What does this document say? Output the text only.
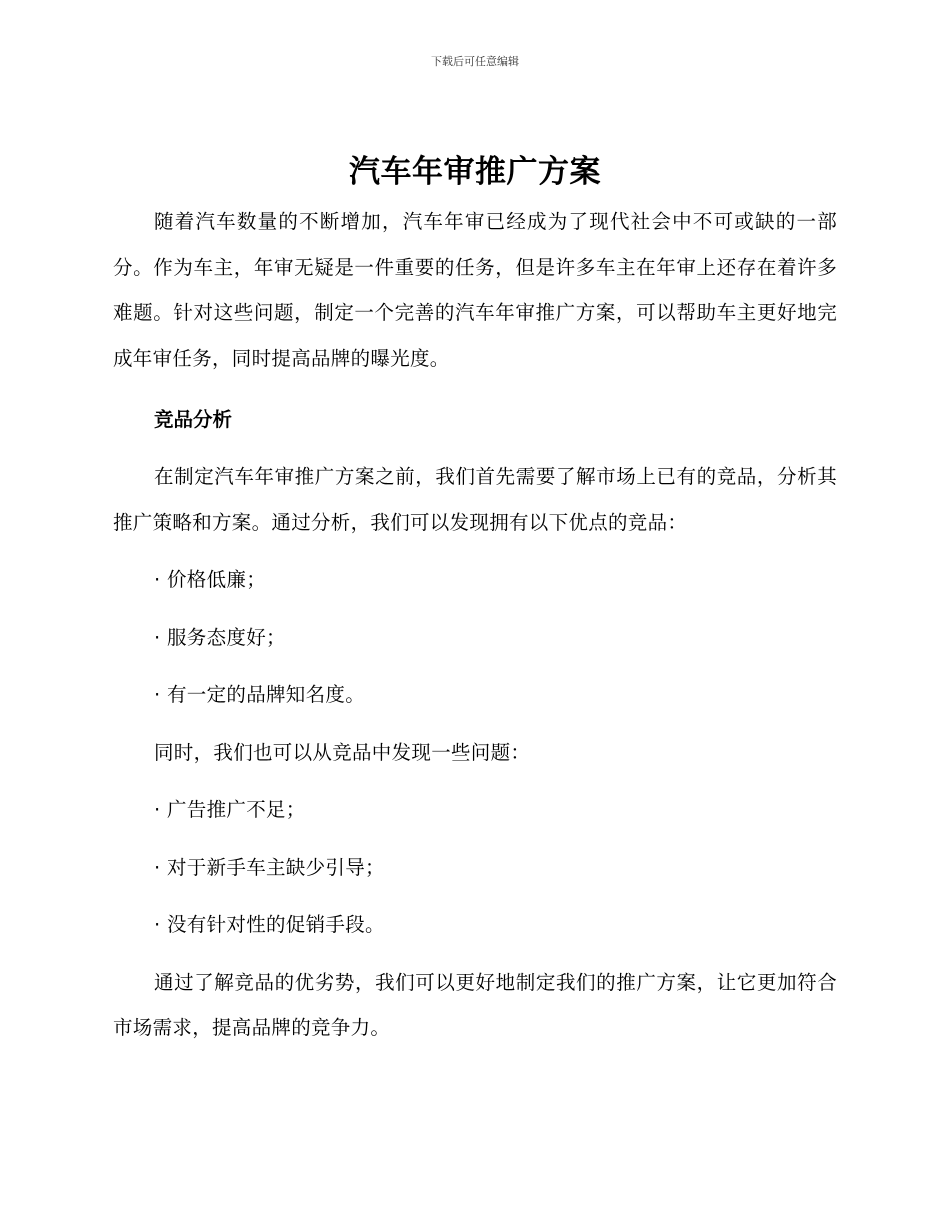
下载后可任意编辑
汽车年审推广方案

随着汽车数量的不断增加，汽车年审已经成为了现代社会中不可或缺的一部分。作为车主，年审无疑是一件重要的任务，但是许多车主在年审上还存在着许多难题。针对这些问题，制定一个完善的汽车年审推广方案，可以帮助车主更好地完成年审任务，同时提高品牌的曝光度。

竞品分析

在制定汽车年审推广方案之前，我们首先需要了解市场上已有的竞品，分析其推广策略和方案。通过分析，我们可以发现拥有以下优点的竞品：

· 价格低廉；

· 服务态度好；

· 有一定的品牌知名度。

同时，我们也可以从竞品中发现一些问题：

· 广告推广不足；

· 对于新手车主缺少引导；

· 没有针对性的促销手段。

通过了解竞品的优劣势，我们可以更好地制定我们的推广方案，让它更加符合市场需求，提高品牌的竞争力。
